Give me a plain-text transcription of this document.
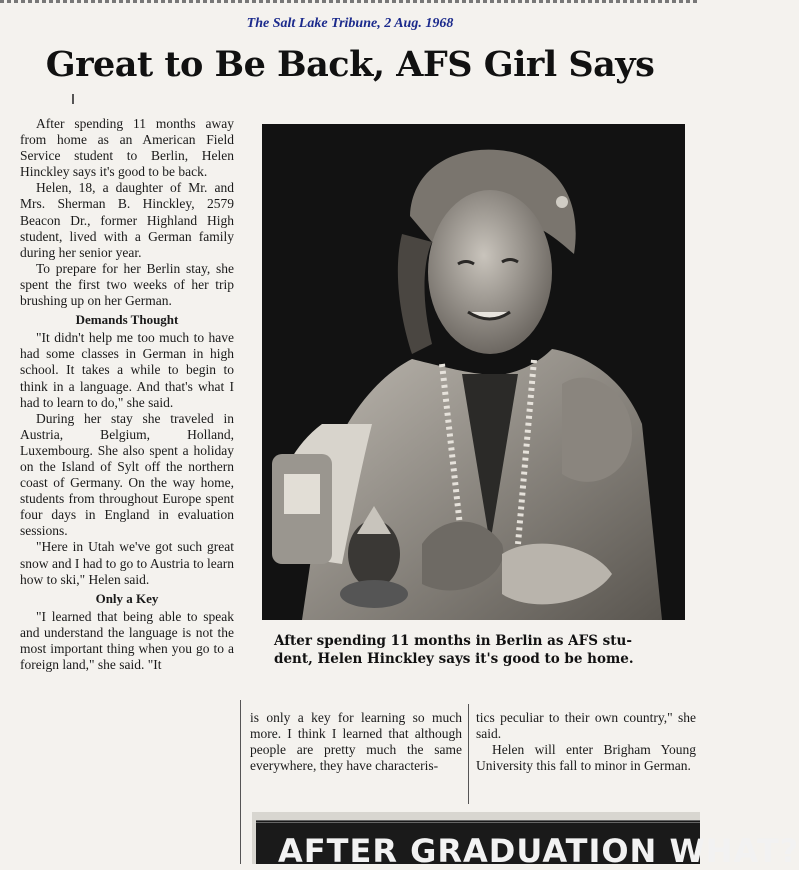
The Salt Lake Tribune, 2 Aug. 1968
Great to Be Back, AFS Girl Says

After spending 11 months away from home as an American Field Service student to Berlin, Helen Hinckley says it's good to be back.

Helen, 18, a daughter of Mr. and Mrs. Sherman B. Hinckley, 2579 Beacon Dr., former Highland High student, lived with a German family during her senior year.

To prepare for her Berlin stay, she spent the first two weeks of her trip brushing up on her German.

Demands Thought

"It didn't help me too much to have had some classes in German in high school. It takes a while to begin to think in a language. And that's what I had to learn to do," she said.

During her stay she traveled in Austria, Belgium, Holland, Luxembourg. She also spent a holiday on the Island of Sylt off the northern coast of Germany. On the way home, students from throughout Europe spent four days in England in evaluation sessions.

"Here in Utah we've got such great snow and I had to go to Austria to learn how to ski," Helen said.

Only a Key

"I learned that being able to speak and understand the language is not the most important thing when you go to a foreign land," she said. "It

After spending 11 months in Berlin as AFS stu-
dent, Helen Hinckley says it's good to be home.

is only a key for learning so much more. I think I learned that although people are pretty much the same everywhere, they have characteris-

tics peculiar to their own country," she said.

Helen will enter Brigham Young University this fall to minor in German.

AFTER GRADUATION WHAT?
